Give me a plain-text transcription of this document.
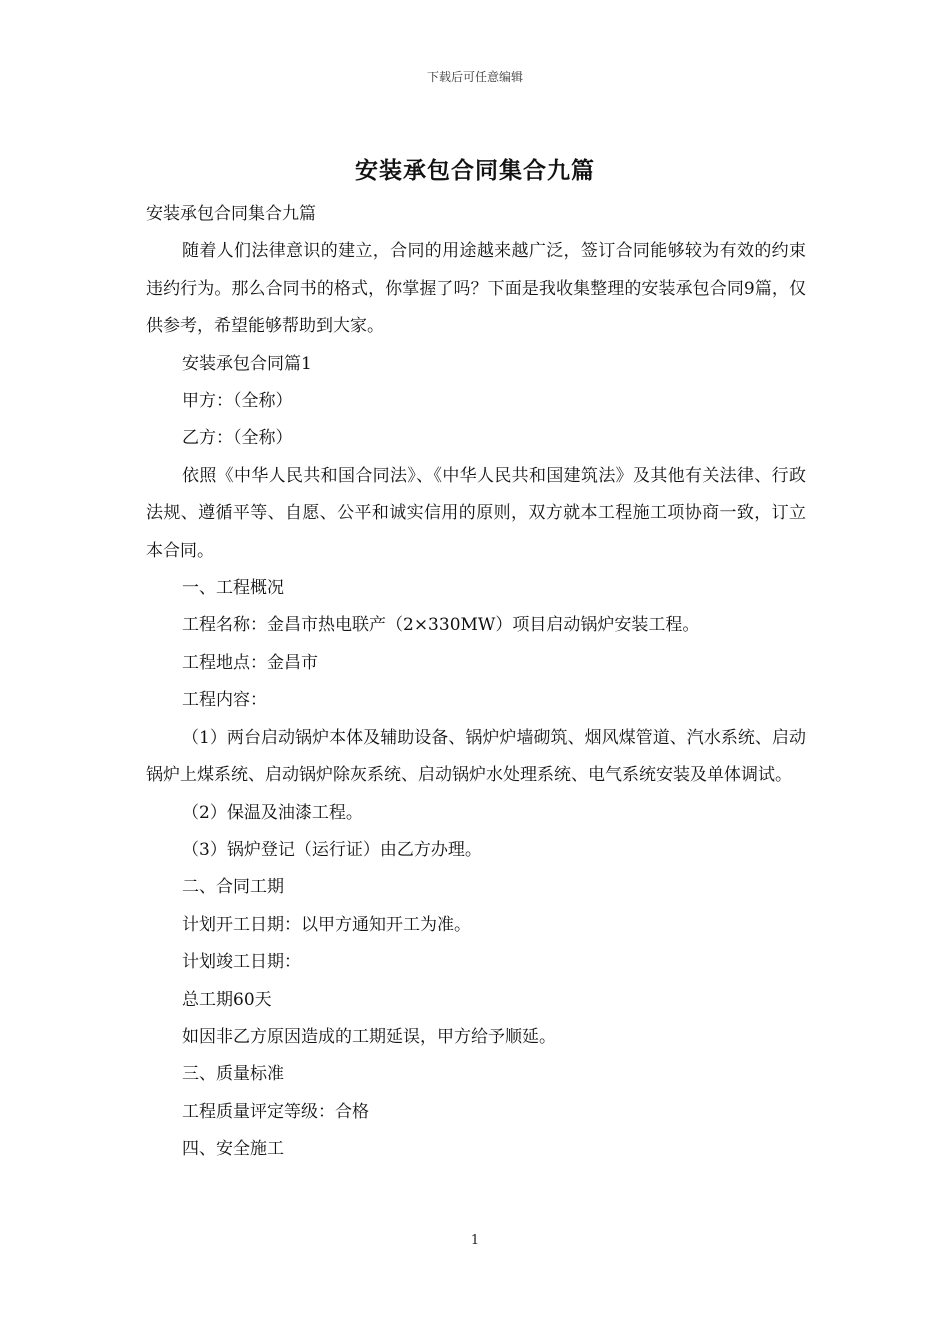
下载后可任意编辑
安装承包合同集合九篇

安装承包合同集合九篇

随着人们法律意识的建立，合同的用途越来越广泛，签订合同能够较为有效的约束违约行为。那么合同书的格式，你掌握了吗？下面是我收集整理的安装承包合同9篇，仅供参考，希望能够帮助到大家。

安装承包合同篇1

甲方：（全称）

乙方：（全称）

依照《中华人民共和国合同法》、《中华人民共和国建筑法》及其他有关法律、行政法规、遵循平等、自愿、公平和诚实信用的原则，双方就本工程施工项协商一致，订立本合同。

一、工程概况

工程名称：金昌市热电联产（2×330MW）项目启动锅炉安装工程。

工程地点：金昌市

工程内容：

（1）两台启动锅炉本体及辅助设备、锅炉炉墙砌筑、烟风煤管道、汽水系统、启动锅炉上煤系统、启动锅炉除灰系统、启动锅炉水处理系统、电气系统安装及单体调试。

（2）保温及油漆工程。

（3）锅炉登记（运行证）由乙方办理。

二、合同工期

计划开工日期：以甲方通知开工为准。

计划竣工日期：

总工期60天

如因非乙方原因造成的工期延误，甲方给予顺延。

三、质量标准

工程质量评定等级：合格

四、安全施工

1
